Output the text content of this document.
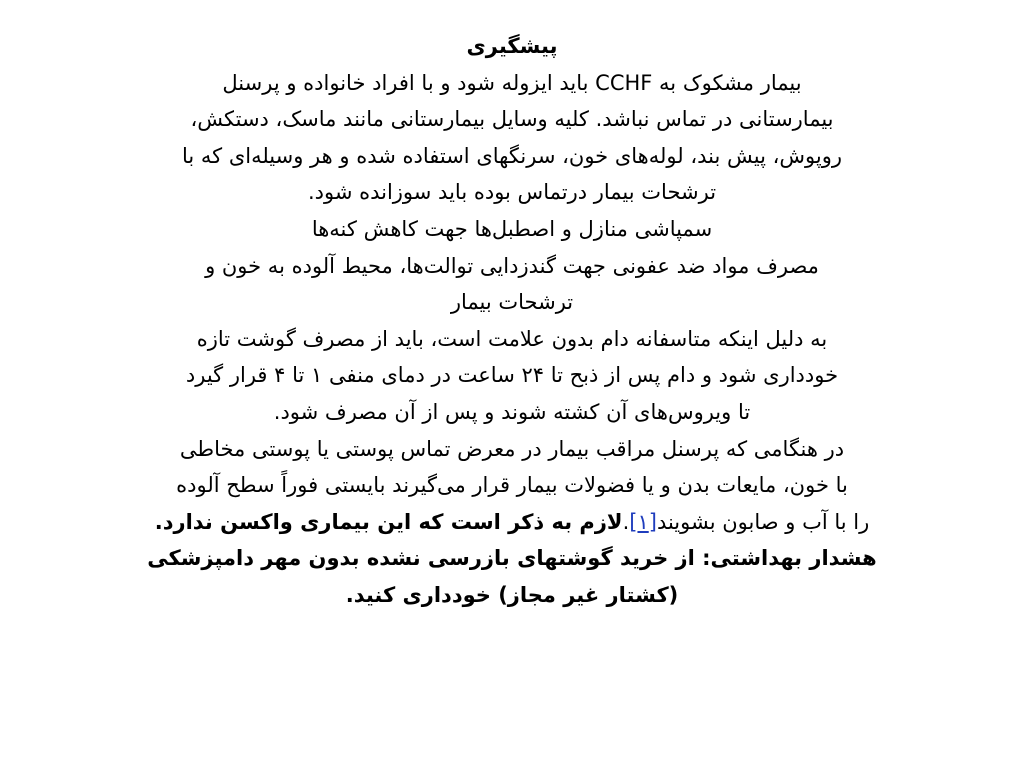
پیشگیری
بیمار مشکوک به CCHF باید ایزوله شود و با افراد خانواده و پرسنل
بیمارستانی در تماس نباشد. کلیه وسایل بیمارستانی مانند ماسک، دستکش،
روپوش، پیش بند، لوله‌های خون، سرنگهای استفاده شده و هر وسیله‌ای که با
ترشحات بیمار درتماس بوده باید سوزانده شود.
سمپاشی منازل و اصطبل‌ها جهت کاهش کنه‌ها
مصرف مواد ضد عفونی جهت گندزدایی توالت‌ها، محیط آلوده به خون و
ترشحات بیمار
به دلیل اینکه متاسفانه دام بدون علامت است، باید از مصرف گوشت تازه
خودداری شود و دام پس از ذبح تا ۲۴ ساعت در دمای منفی ۱ تا ۴ قرار گیرد
تا ویروس‌های آن کشته شوند و پس از آن مصرف شود.
در هنگامی که پرسنل مراقب بیمار در معرض تماس پوستی یا پوستی مخاطی
با خون، مایعات بدن و یا فضولات بیمار قرار می‌گیرند بایستی فوراً سطح آلوده
را با آب و صابون بشویند[۱].لازم به ذکر است که این بیماری واکسن ندارد.
هشدار بهداشتی: از خرید گوشتهای بازرسی نشده بدون مهر دامپزشکی
(کشتار غیر مجاز) خودداری کنید.
